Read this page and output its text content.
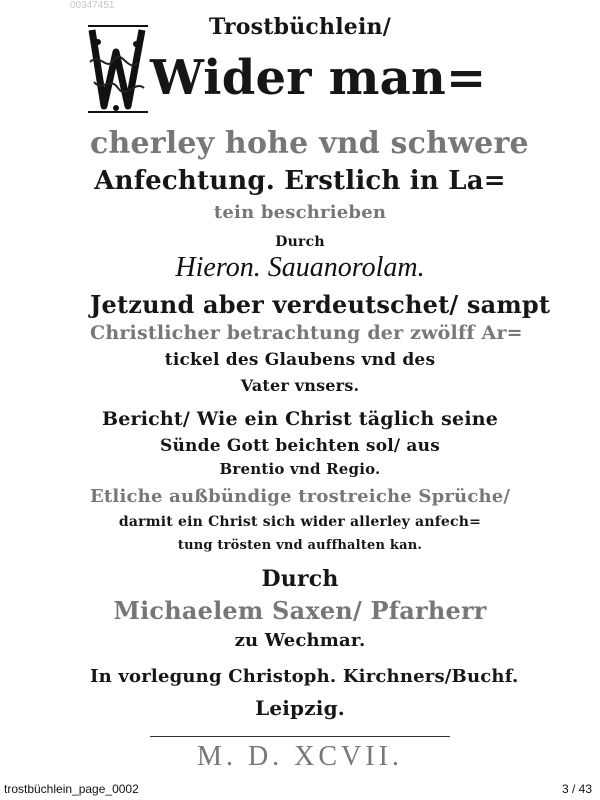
00347451
Trostbüchlein/
Wider man=
cherley hohe vnd schwere
Anfechtung. Erstlich in La=
tein beschrieben
Durch
Hieron. Sauanorolam.
Jetzund aber verdeutschet/ sampt
Christlicher betrachtung der zwölff Ar=
tickel des Glaubens vnd des
Vater vnsers.
Bericht/ Wie ein Christ täglich seine
Sünde Gott beichten sol/ aus
Brentio vnd Regio.
Etliche außbündige trostreiche Sprüche/
darmit ein Christ sich wider allerley anfech=
tung trösten vnd auffhalten kan.
Durch
Michaelem Saxen/ Pfarherr
zu Wechmar.
In vorlegung Christoph. Kirchners/Buchf.
Leipzig.
M. D. XCVII.
trostbüchlein_page_0002	3 / 43
